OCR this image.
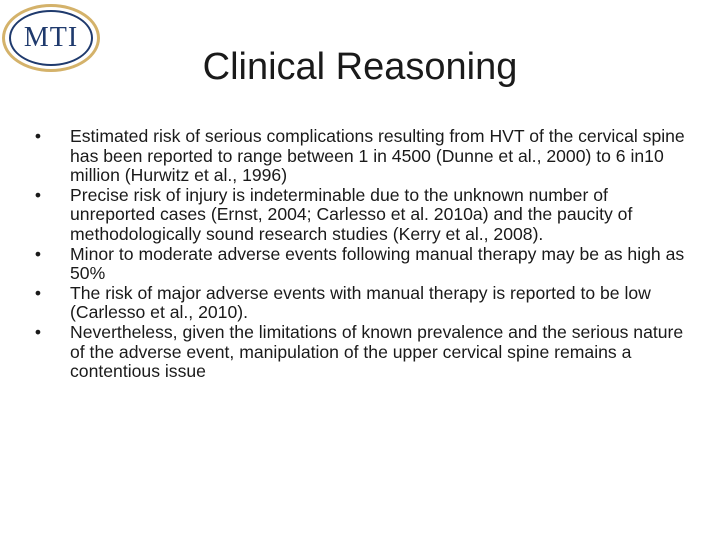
MTI
Clinical Reasoning
• Estimated risk of serious complications resulting from HVT of the cervical spine has been reported to range between 1 in 4500 (Dunne et al., 2000) to 6 in10 million (Hurwitz et al., 1996)
• Precise risk of injury is indeterminable due to the unknown number of unreported cases (Ernst, 2004; Carlesso et al. 2010a) and the paucity of methodologically sound research studies (Kerry et al., 2008).
• Minor to moderate adverse events following manual therapy may be as high as 50%
• The risk of major adverse events with manual therapy is reported to be low (Carlesso et al., 2010).
• Nevertheless, given the limitations of known prevalence and the serious nature of the adverse event, manipulation of the upper cervical spine remains a contentious issue
